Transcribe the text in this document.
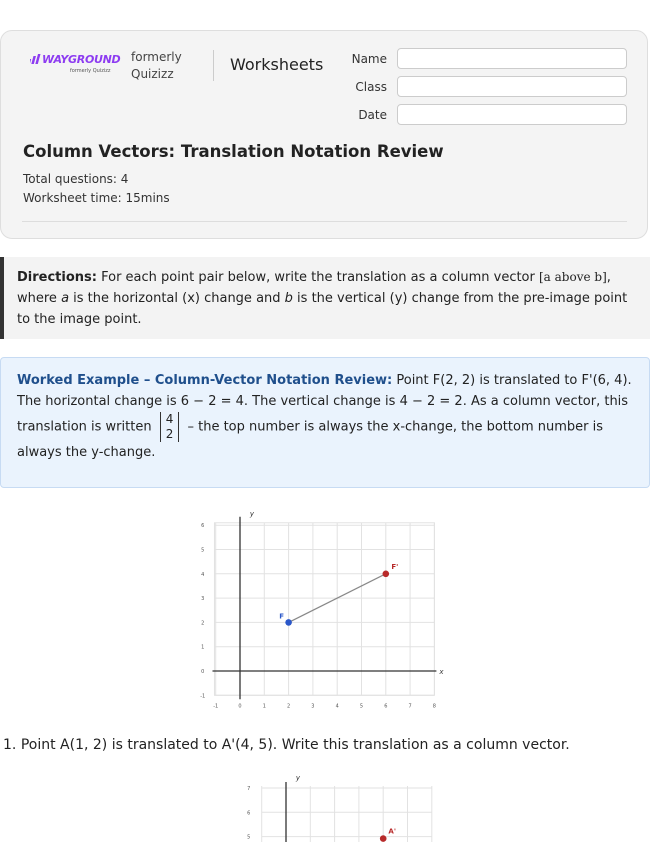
WAYGROUND
formerly Quizizz
formerly
Quizizz	Worksheets	Name
Class
Date
Column Vectors: Translation Notation Review
Total questions: 4
Worksheet time: 15mins
Directions: For each point pair below, write the translation as a column vector [a above b], where a is the horizontal (x) change and b is the vertical (y) change from the pre-image point to the image point.
Worked Example – Column-Vector Notation Review: Point F(2, 2) is translated to F'(6, 4). The horizontal change is 6 − 2 = 4. The vertical change is 4 − 2 = 2. As a column vector, this translation is written
4
2 – the top number is always the x-change, the bottom number is always the y-change.
-1	0	1	2	3	4	5	6	7	8
-1
0
1
2
3
4
5
6
x
y
F
F'
1. Point A(1, 2) is translated to A'(4, 5). Write this translation as a column vector.
y
7
6
5
A'
